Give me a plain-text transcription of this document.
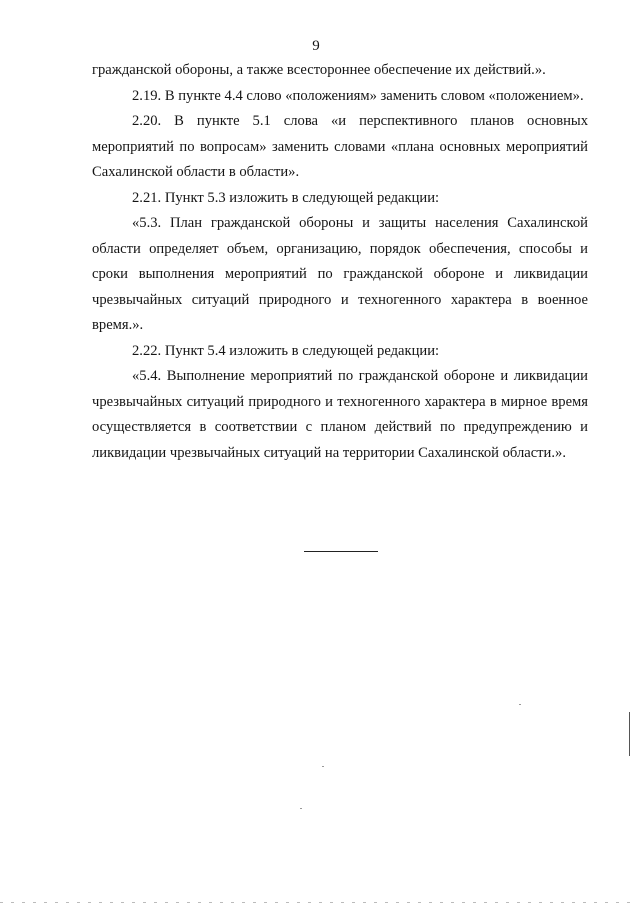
9

гражданской обороны, а также всестороннее обеспечение их действий.».

2.19. В пункте 4.4 слово «положениям» заменить словом «положением».

2.20. В пункте 5.1 слова «и перспективного планов основных мероприятий по вопросам» заменить словами «плана основных мероприятий Сахалинской области в области».

2.21. Пункт 5.3 изложить в следующей редакции:

«5.3. План гражданской обороны и защиты населения Сахалинской области определяет объем, организацию, порядок обеспечения, способы и сроки выполнения мероприятий по гражданской обороне и ликвидации чрезвычайных ситуаций природного и техногенного характера в военное время.».

2.22. Пункт 5.4 изложить в следующей редакции:

«5.4. Выполнение мероприятий по гражданской обороне и ликвидации чрезвычайных ситуаций природного и техногенного характера в мирное время осуществляется в соответствии с планом действий по предупреждению и ликвидации чрезвычайных ситуаций на территории Сахалинской области.».
